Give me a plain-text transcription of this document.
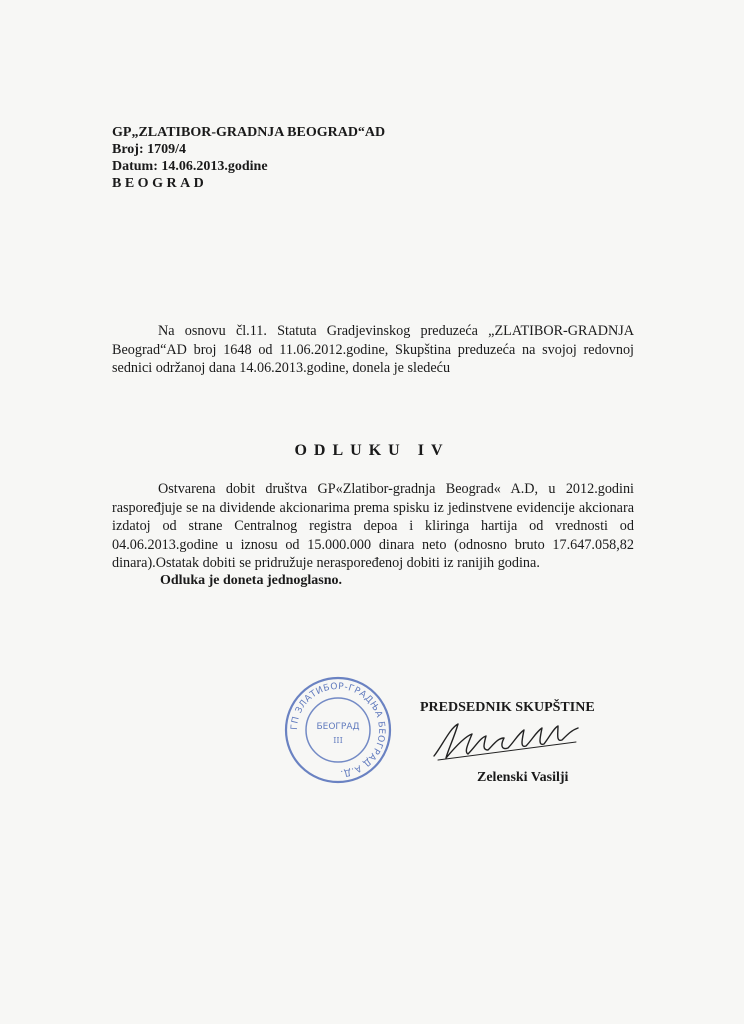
GP„ZLATIBOR-GRADNJA BEOGRAD“AD
Broj: 1709/4
Datum: 14.06.2013.godine
BEOGRAD
Na osnovu čl.11. Statuta Gradjevinskog preduzeća „ZLATIBOR-GRADNJA Beograd“AD broj 1648 od 11.06.2012.godine, Skupština preduzeća na svojoj redovnoj sednici održanoj dana 14.06.2013.godine, donela je sledeću
ODLUKU IV
Ostvarena dobit društva GP«Zlatibor-gradnja Beograd« A.D, u 2012.godini raspoređjuje se na dividende akcionarima prema spisku iz jedinstvene evidencije akcionara izdatoj od strane Centralnog registra depoa i kliringa hartija od vrednosti od 04.06.2013.godine u iznosu od 15.000.000 dinara neto (odnosno bruto 17.647.058,82 dinara).Ostatak dobiti se pridružuje neraspoređenoj dobiti iz ranijih godina.
Odluka je doneta jednoglasno.
ГП ЗЛАТИБОР-ГРАДЊА БЕОГРАД А.Д.
БЕОГРАД
III
PREDSEDNIK SKUPŠTINE
Zelenski Vasilji
